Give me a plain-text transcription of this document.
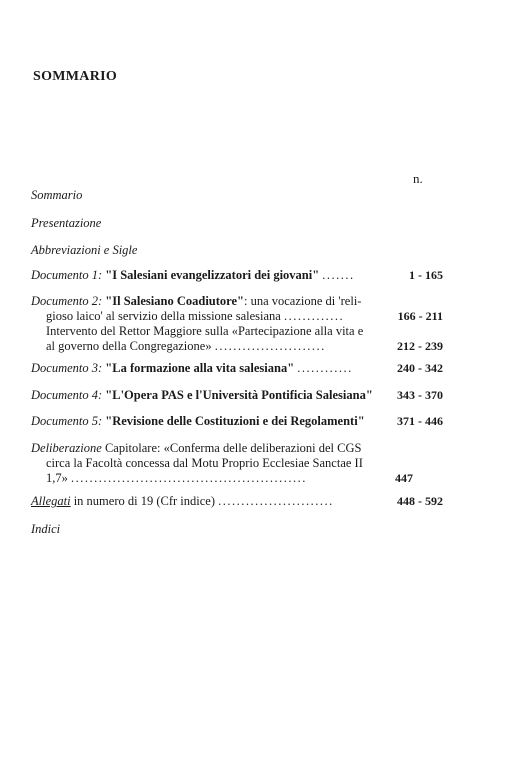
SOMMARIO
n.
Sommario
Presentazione
Abbreviazioni e Sigle
Documento 1: "I Salesiani evangelizzatori dei giovani" .......	1 - 165
Documento 2: "Il Salesiano Coadiutore": una vocazione di 'reli-
gioso laico' al servizio della missione salesiana .............	166 - 211
Intervento del Rettor Maggiore sulla «Partecipazione alla vita e
al governo della Congregazione» ........................	212 - 239
Documento 3: "La formazione alla vita salesiana" ............	240 - 342
Documento 4: "L'Opera PAS e l'Università Pontificia Salesiana" 343 - 370
Documento 5: "Revisione delle Costituzioni e dei Regolamenti"	371 - 446
Deliberazione Capitolare: «Conferma delle deliberazioni del CGS
circa la Facoltà concessa dal Motu Proprio Ecclesiae Sanctae II
1,7» ...................................................	447
Allegati in numero di 19 (Cfr indice) .........................	448 - 592
Indici
